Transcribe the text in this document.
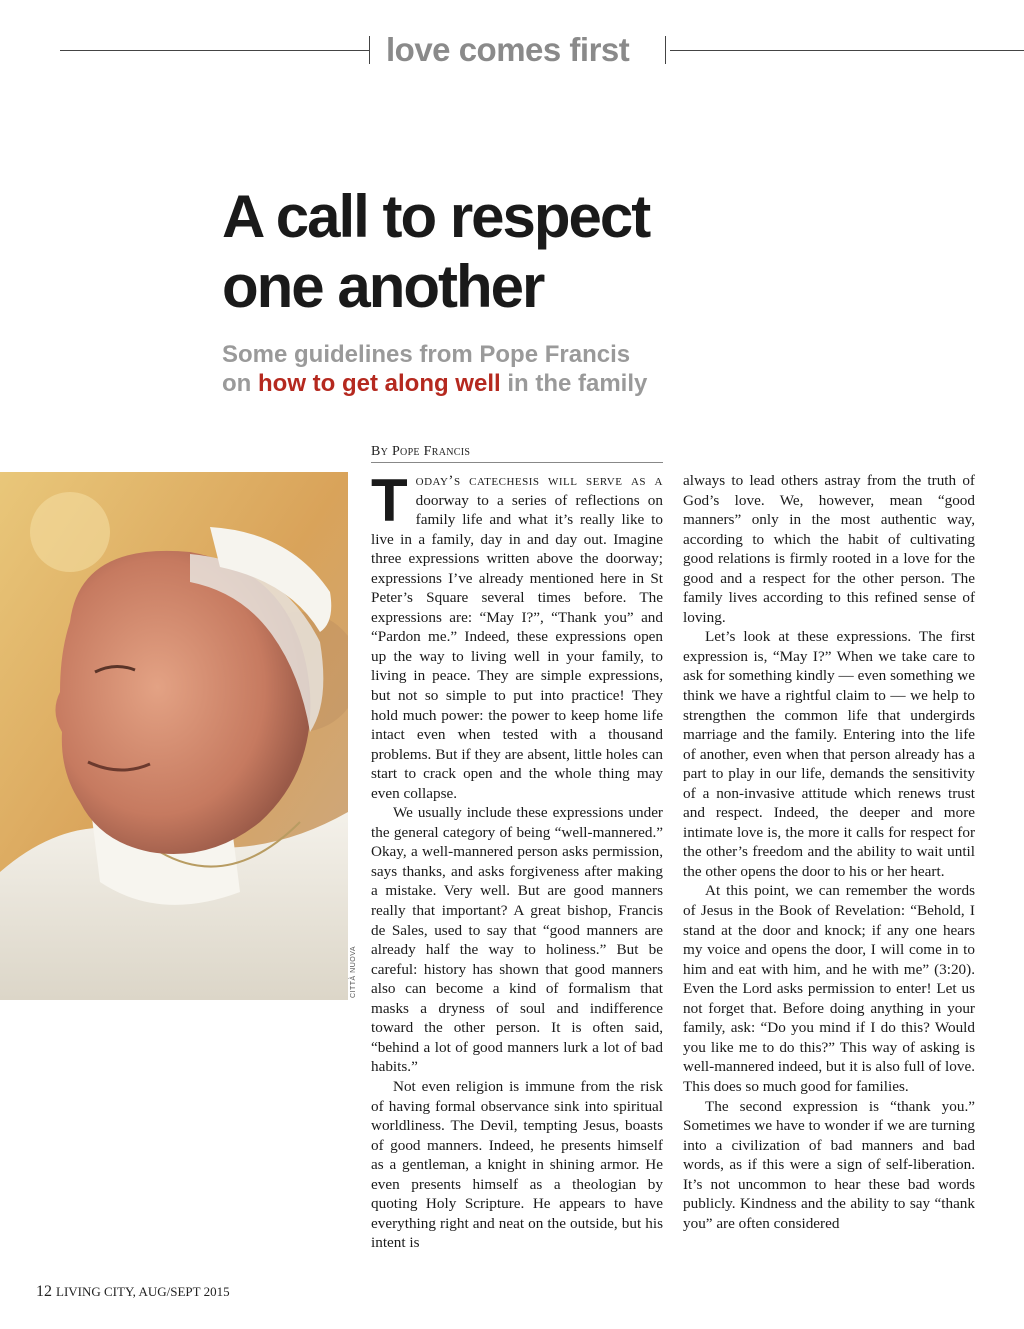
love comes first
A call to respect
one another

Some guidelines from Pope Francis
on how to get along well in the family

By Pope Francis
CITTÀ NUOVA

Today’s catechesis will serve as a doorway to a series of reflections on family life and what it’s really like to live in a family, day in and day out. Imagine three expressions written above the doorway; expressions I’ve already mentioned here in St Peter’s Square several times before. The expressions are: “May I?”, “Thank you” and “Pardon me.” Indeed, these expressions open up the way to living well in your family, to living in peace. They are simple expressions, but not so simple to put into practice! They hold much power: the power to keep home life intact even when tested with a thousand problems. But if they are absent, little holes can start to crack open and the whole thing may even collapse.

We usually include these expressions under the general category of being “well-mannered.” Okay, a well-mannered person asks permission, says thanks, and asks forgiveness after making a mistake. Very well. But are good manners really that important? A great bishop, Francis de Sales, used to say that “good manners are already half the way to holiness.” But be careful: history has shown that good manners also can become a kind of formalism that masks a dryness of soul and indifference toward the other person. It is often said, “behind a lot of good manners lurk a lot of bad habits.”

Not even religion is immune from the risk of having formal observance sink into spiritual worldliness. The Devil, tempting Jesus, boasts of good manners. Indeed, he presents himself as a gentleman, a knight in shining armor. He even presents himself as a theologian by quoting Holy Scripture. He appears to have everything right and neat on the outside, but his intent is

always to lead others astray from the truth of God’s love. We, however, mean “good manners” only in the most authentic way, according to which the habit of cultivating good relations is firmly rooted in a love for the good and a respect for the other person. The family lives according to this refined sense of loving.

Let’s look at these expressions. The first expression is, “May I?” When we take care to ask for something kindly — even something we think we have a rightful claim to — we help to strengthen the common life that undergirds marriage and the family. Entering into the life of another, even when that person already has a part to play in our life, demands the sensitivity of a non-invasive attitude which renews trust and respect. Indeed, the deeper and more intimate love is, the more it calls for respect for the other’s freedom and the ability to wait until the other opens the door to his or her heart.

At this point, we can remember the words of Jesus in the Book of Revelation: “Behold, I stand at the door and knock; if any one hears my voice and opens the door, I will come in to him and eat with him, and he with me” (3:20). Even the Lord asks permission to enter! Let us not forget that. Before doing anything in your family, ask: “Do you mind if I do this? Would you like me to do this?” This way of asking is well-mannered indeed, but it is also full of love. This does so much good for families.

The second expression is “thank you.” Sometimes we have to wonder if we are turning into a civilization of bad manners and bad words, as if this were a sign of self-liberation. It’s not uncommon to hear these bad words publicly. Kindness and the ability to say “thank you” are often considered

12 LIVING CITY, AUG/SEPT 2015
